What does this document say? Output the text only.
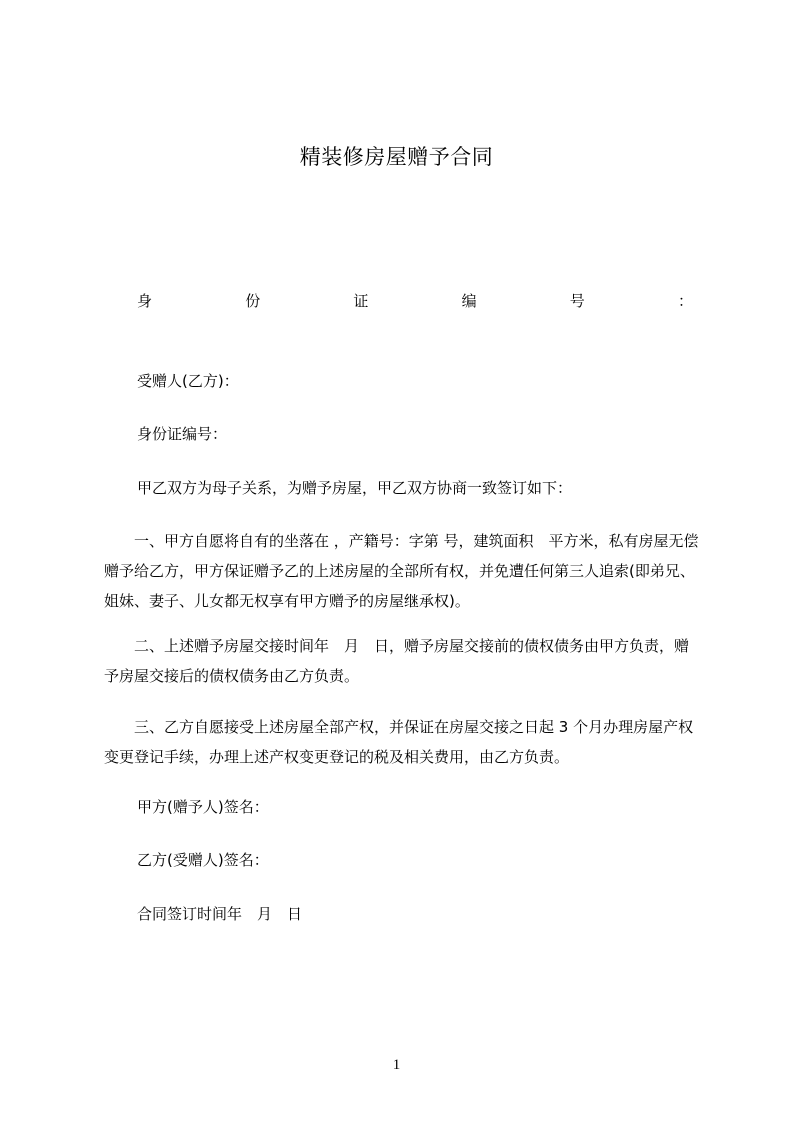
精装修房屋赠予合同
身	份	证	编	号	：
受赠人(乙方)：
身份证编号：
甲乙双方为母子关系，为赠予房屋，甲乙双方协商一致签订如下：
一、甲方自愿将自有的坐落在 ，产籍号：字第 号，建筑面积　平方米，私有房屋无偿赠予给乙方，甲方保证赠予乙的上述房屋的全部所有权，并免遭任何第三人追索(即弟兄、姐妹、妻子、儿女都无权享有甲方赠予的房屋继承权)。
二、上述赠予房屋交接时间年　月　日，赠予房屋交接前的债权债务由甲方负责，赠予房屋交接后的债权债务由乙方负责。
三、乙方自愿接受上述房屋全部产权，并保证在房屋交接之日起 3 个月办理房屋产权变更登记手续，办理上述产权变更登记的税及相关费用，由乙方负责。
甲方(赠予人)签名：
乙方(受赠人)签名：
合同签订时间年　月　日
1
